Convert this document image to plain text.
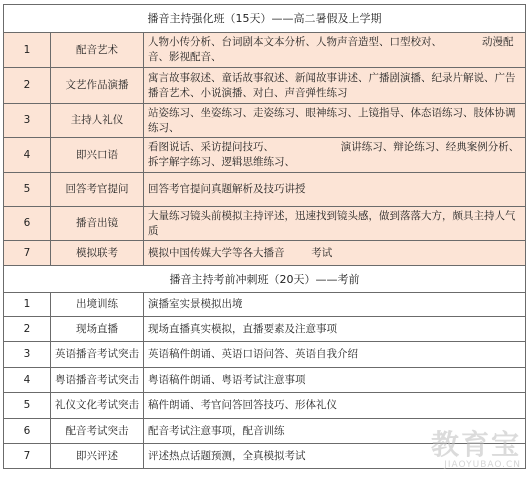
播音主持强化班（15天）——高二暑假及上学期		
1	配音艺术	人物小传分析、台词剧本文本分析、人物声音造型、口型校对、            动漫配音、影视配音、
2	文艺作品演播	寓言故事叙述、童话故事叙述、新闻故事讲述、广播剧演播、纪录片解说、广告播音艺术、小说演播、对白、声音弹性练习
3	主持人礼仪	站姿练习、坐姿练习、走姿练习、眼神练习、上镜指导、体态语练习、肢体协调练习、
4	即兴口语	看图说话、采访提问技巧、                    演讲练习、辩论练习、经典案例分析、拆字解字练习、逻辑思维练习、
5	回答考官提问	回答考官提问真题解析及技巧讲授
6	播音出镜	大量练习镜头前模拟主持评述，迅速找到镜头感，做到落落大方，颇具主持人气质
7	模拟联考	模拟中国传媒大学等各大播音        考试
播音主持考前冲刺班（20天）——考前		
1	出境训练	演播室实景模拟出境
2	现场直播	现场直播真实模拟，直播要素及注意事项
3	英语播音考试突击	英语稿件朗诵、英语口语问答、英语自我介绍
4	粤语播音考试突击	粤语稿件朗诵、粤语考试注意事项
5	礼仪文化考试突击	稿件朗诵、考官问答回答技巧、形体礼仪
6	配音考试突击	配音考试注意事项，配音训练
7	即兴评述	评述热点话题预测，全真模拟考试	教育宝
JIAOYUBAO.CN
